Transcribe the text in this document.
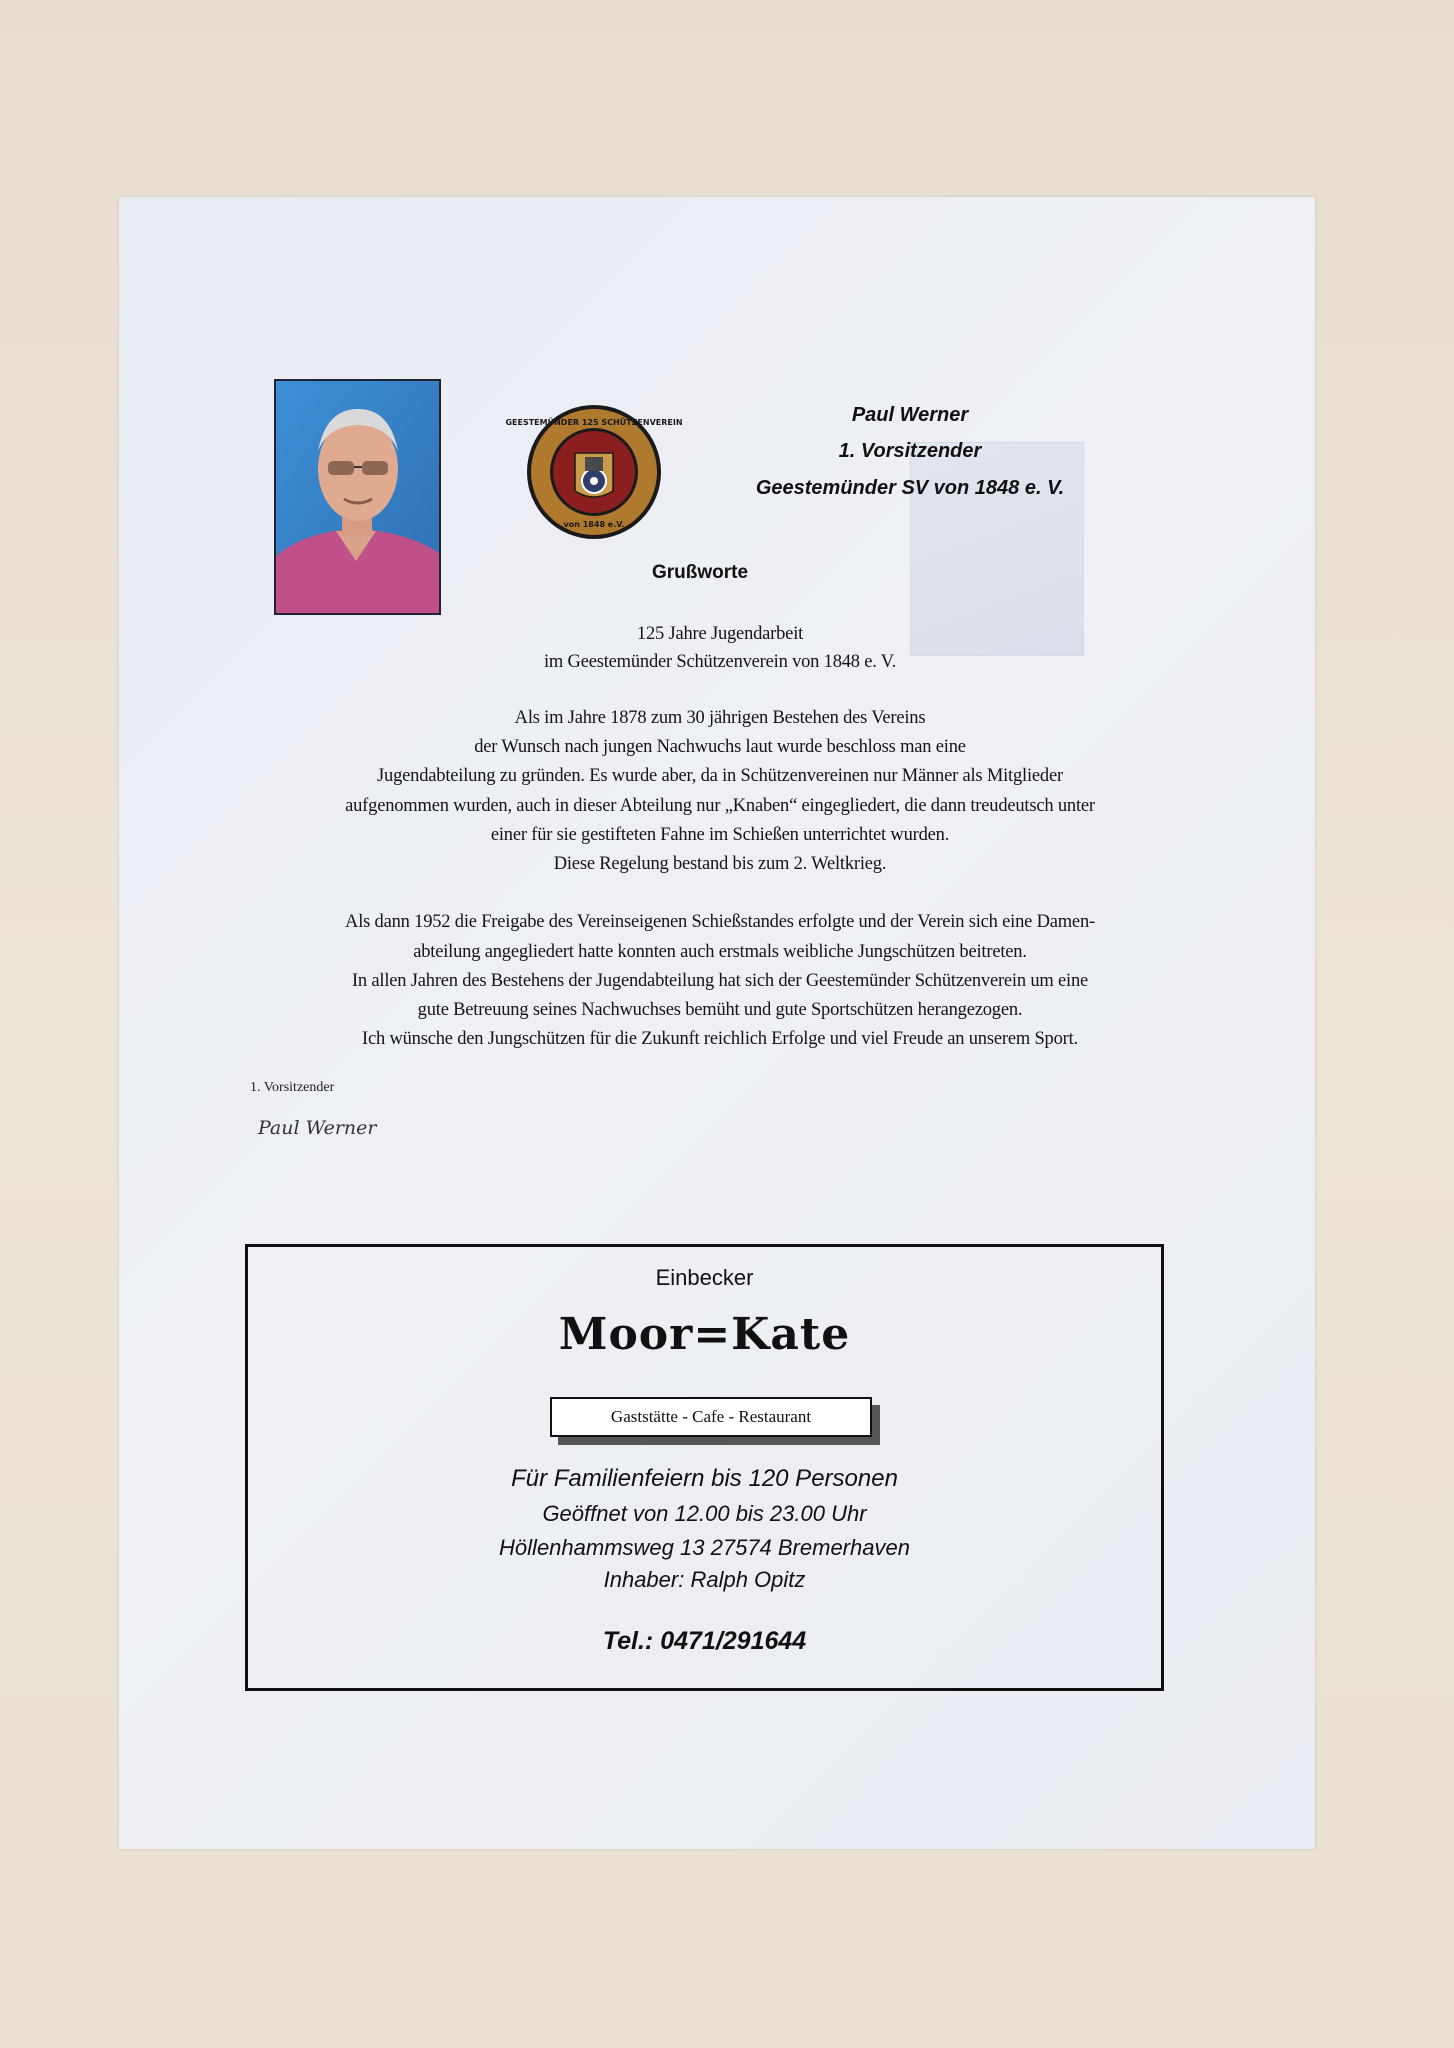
GEESTEMÜNDER 125 SCHÜTZENVEREIN
von 1848 e.V.
Paul Werner
1. Vorsitzender
Geestemünder SV von 1848 e. V.
Grußworte
125 Jahre Jugendarbeit
im Geestemünder Schützenverein von 1848 e. V.
Als im Jahre 1878 zum 30 jährigen Bestehen des Vereins
der Wunsch nach jungen Nachwuchs laut wurde beschloss man eine
Jugendabteilung zu gründen. Es wurde aber, da in Schützenvereinen nur Männer als Mitglieder
aufgenommen wurden, auch in dieser Abteilung nur „Knaben“ eingegliedert, die dann treudeutsch unter
einer für sie gestifteten Fahne im Schießen unterrichtet wurden.
Diese Regelung bestand bis zum 2. Weltkrieg.
Als dann 1952 die Freigabe des Vereinseigenen Schießstandes erfolgte und der Verein sich eine Damen-
abteilung angegliedert hatte konnten auch erstmals weibliche Jungschützen beitreten.
In allen Jahren des Bestehens der Jugendabteilung hat sich der Geestemünder Schützenverein um eine
gute Betreuung seines Nachwuchses bemüht und gute Sportschützen herangezogen.
Ich wünsche den Jungschützen für die Zukunft reichlich Erfolge und viel Freude an unserem Sport.
1. Vorsitzender
Paul Werner
Einbecker
Moor=Kate
Gaststätte - Cafe - Restaurant
Für Familienfeiern bis 120 Personen
Geöffnet von 12.00 bis 23.00 Uhr
Höllenhammsweg 13 27574 Bremerhaven
Inhaber: Ralph Opitz
Tel.: 0471/291644
